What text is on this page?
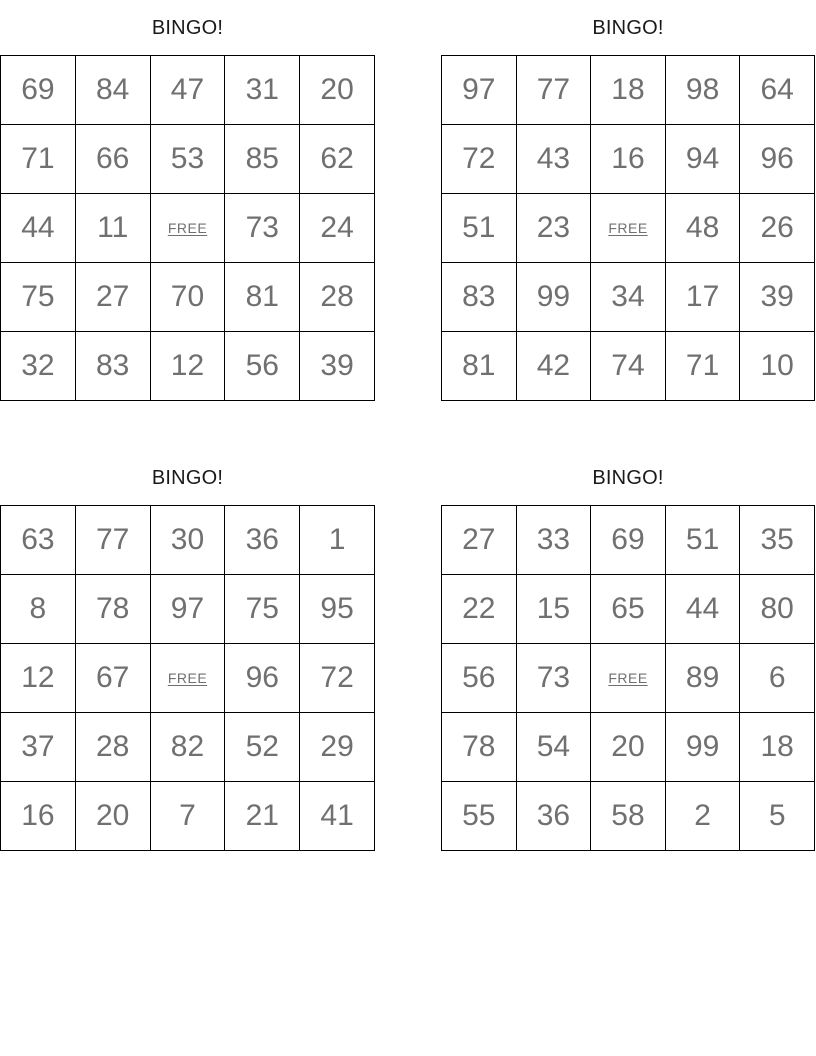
BINGO!
69	84	47	31	20
71	66	53	85	62
44	11	FREE	73	24
75	27	70	81	28
32	83	12	56	39
BINGO!
97	77	18	98	64
72	43	16	94	96
51	23	FREE	48	26
83	99	34	17	39
81	42	74	71	10
BINGO!
63	77	30	36	1
8	78	97	75	95
12	67	FREE	96	72
37	28	82	52	29
16	20	7	21	41
BINGO!
27	33	69	51	35
22	15	65	44	80
56	73	FREE	89	6
78	54	20	99	18
55	36	58	2	5
